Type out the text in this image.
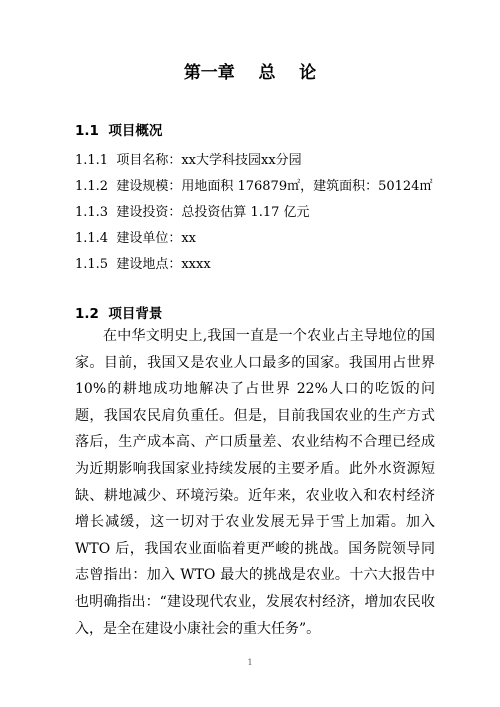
第一章    总    论
1.1  项目概况
1.1.1  项目名称：xx大学科技园xx分园
1.1.2  建设规模：用地面积 176879㎡，建筑面积：50124㎡
1.1.3  建设投资：总投资估算 1.17 亿元
1.1.4  建设单位：xx
1.1.5  建设地点：xxxx
1.2  项目背景
在中华文明史上,我国一直是一个农业占主导地位的国家。目前，我国又是农业人口最多的国家。我国用占世界 10%的耕地成功地解决了占世界 22%人口的吃饭的问题，我国农民肩负重任。但是，目前我国农业的生产方式落后，生产成本高、产口质量差、农业结构不合理已经成为近期影响我国家业持续发展的主要矛盾。此外水资源短缺、耕地减少、环境污染。近年来，农业收入和农村经济增长减缓，这一切对于农业发展无异于雪上加霜。加入 WTO 后，我国农业面临着更严峻的挑战。国务院领导同志曾指出：加入 WTO 最大的挑战是农业。十六大报告中也明确指出：“建设现代农业，发展农村经济，增加农民收入，是全在建设小康社会的重大任务”。
1
